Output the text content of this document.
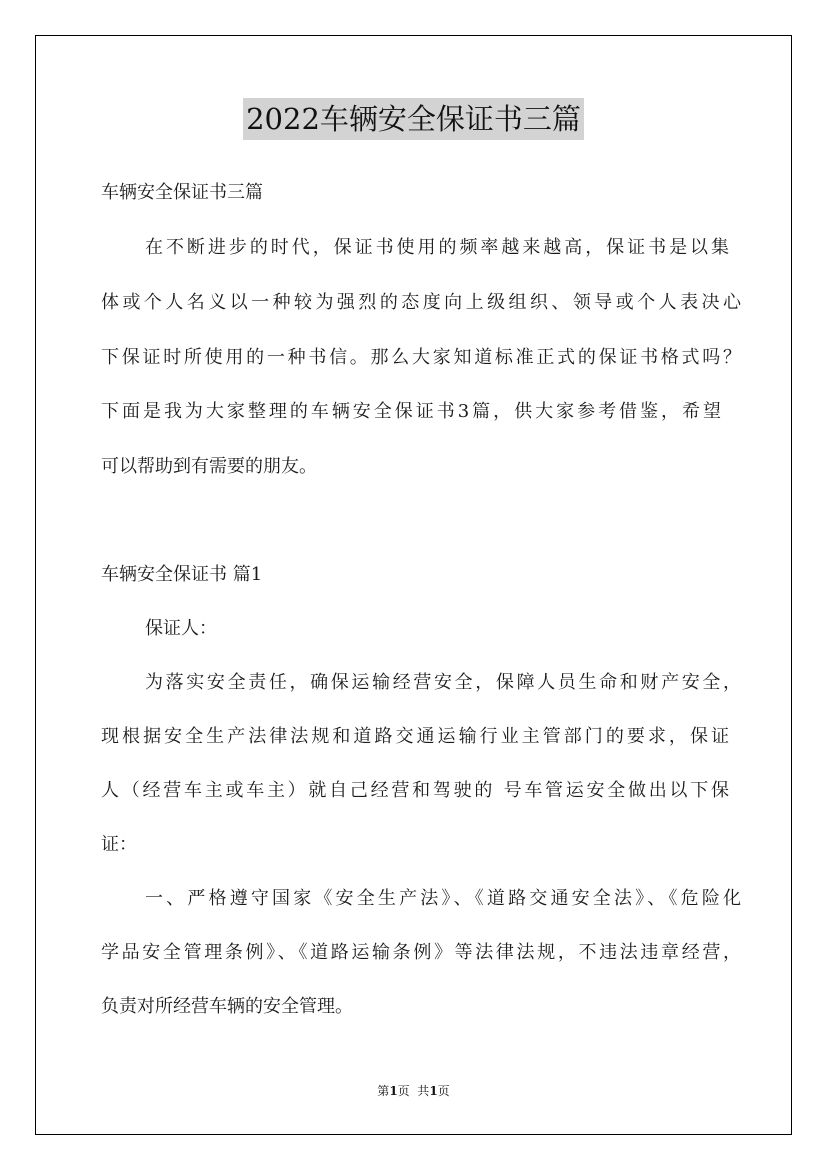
2022车辆安全保证书三篇
车辆安全保证书三篇
在不断进步的时代，保证书使用的频率越来越高，保证书是以集
体或个人名义以一种较为强烈的态度向上级组织、领导或个人表决心
下保证时所使用的一种书信。那么大家知道标准正式的保证书格式吗？
下面是我为大家整理的车辆安全保证书3篇，供大家参考借鉴，希望
可以帮助到有需要的朋友。
车辆安全保证书 篇1
保证人：
为落实安全责任，确保运输经营安全，保障人员生命和财产安全，
现根据安全生产法律法规和道路交通运输行业主管部门的要求，保证
人（经营车主或车主）就自己经营和驾驶的 号车管运安全做出以下保
证：
一、严格遵守国家《安全生产法》、《道路交通安全法》、《危险化
学品安全管理条例》、《道路运输条例》等法律法规，不违法违章经营，
负责对所经营车辆的安全管理。
第1页  共1页
